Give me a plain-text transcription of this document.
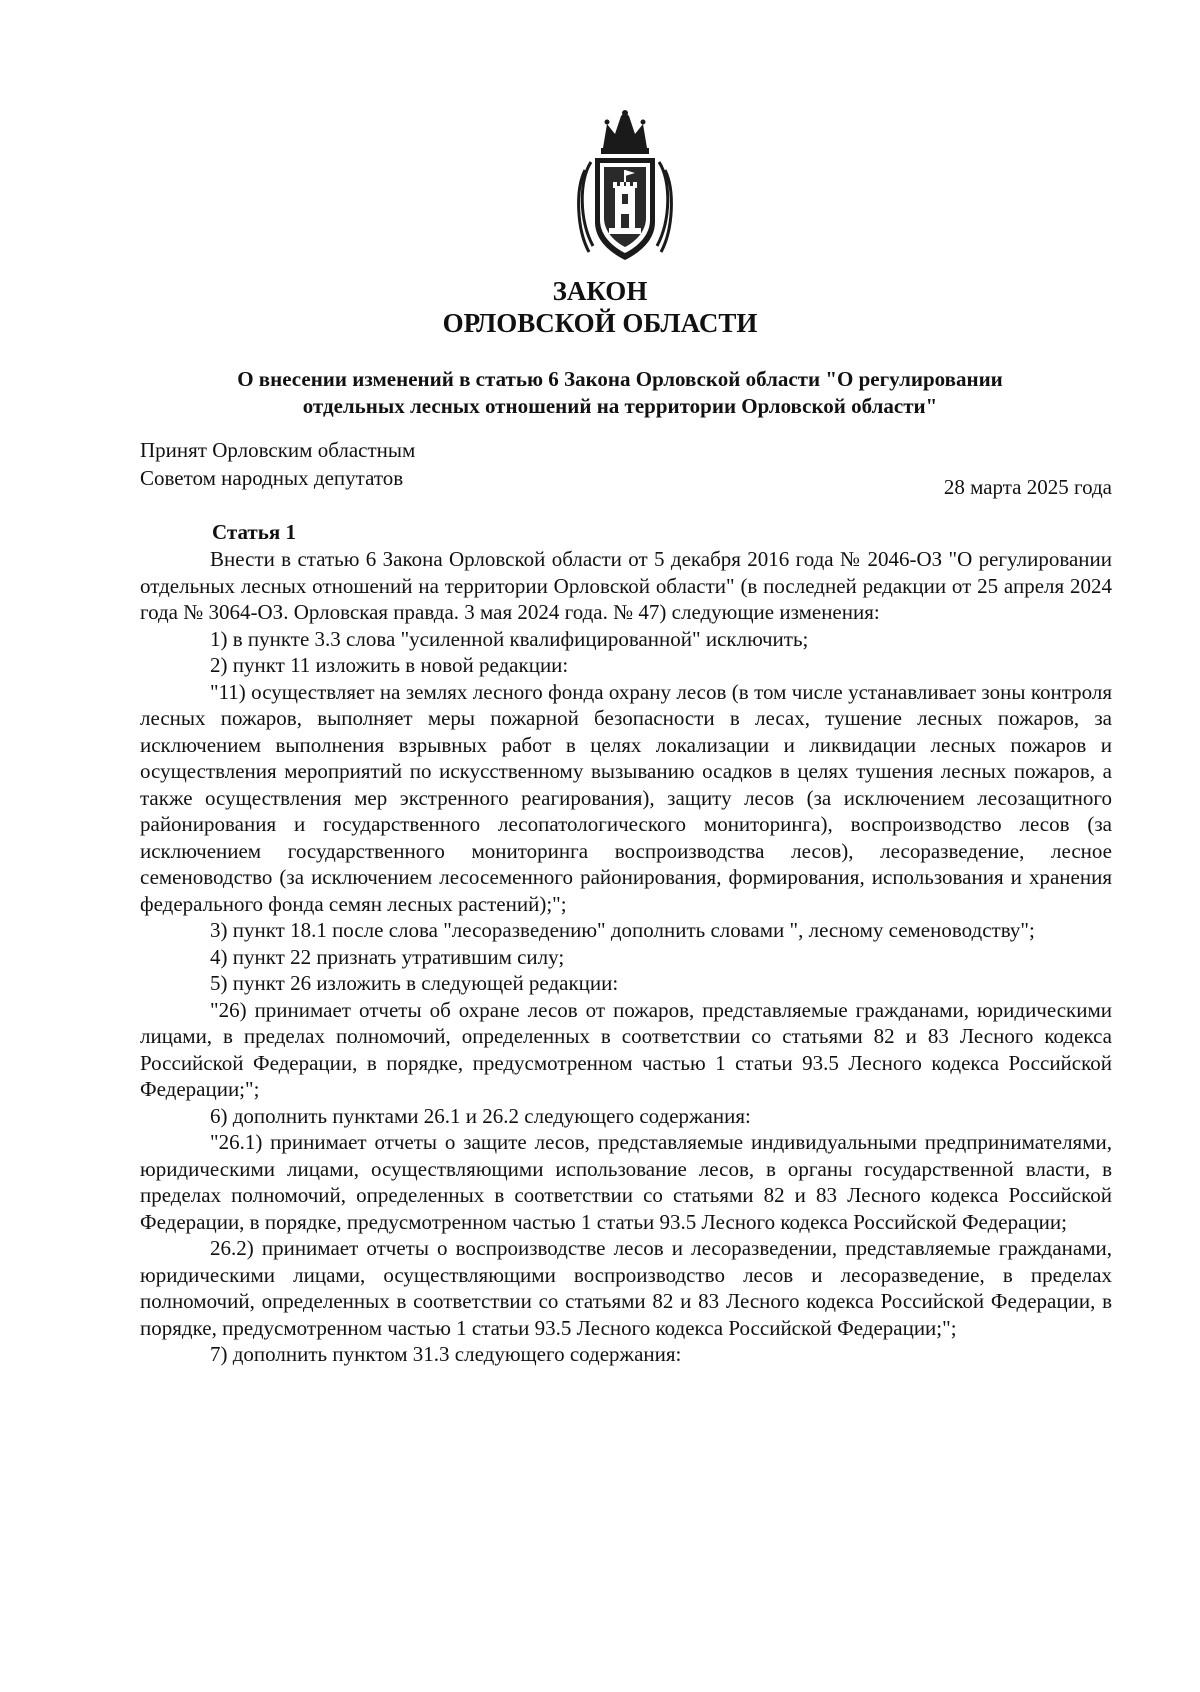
ЗАКОН
ОРЛОВСКОЙ ОБЛАСТИ
О внесении изменений в статью 6 Закона Орловской области "О регулировании
отдельных лесных отношений на территории Орловской области"
Принят Орловским областным
Советом народных депутатов	28 марта 2025 года
Статья 1

Внести в статью 6 Закона Орловской области от 5 декабря 2016 года № 2046-ОЗ "О регулировании отдельных лесных отношений на территории Орловской области" (в последней редакции от 25 апреля 2024 года № 3064-ОЗ. Орловская правда. 3 мая 2024 года. № 47) следующие изменения:

1) в пункте 3.3 слова "усиленной квалифицированной" исключить;

2) пункт 11 изложить в новой редакции:

"11) осуществляет на землях лесного фонда охрану лесов (в том числе устанавливает зоны контроля лесных пожаров, выполняет меры пожарной безопасности в лесах, тушение лесных пожаров, за исключением выполнения взрывных работ в целях локализации и ликвидации лесных пожаров и осуществления мероприятий по искусственному вызыванию осадков в целях тушения лесных пожаров, а также осуществления мер экстренного реагирования), защиту лесов (за исключением лесозащитного районирования и государственного лесопатологического мониторинга), воспроизводство лесов (за исключением государственного мониторинга воспроизводства лесов), лесоразведение, лесное семеноводство (за исключением лесосеменного районирования, формирования, использования и хранения федерального фонда семян лесных растений);";

3) пункт 18.1 после слова "лесоразведению" дополнить словами ", лесному семеноводству";

4) пункт 22 признать утратившим силу;

5) пункт 26 изложить в следующей редакции:

"26) принимает отчеты об охране лесов от пожаров, представляемые гражданами, юридическими лицами, в пределах полномочий, определенных в соответствии со статьями 82 и 83 Лесного кодекса Российской Федерации, в порядке, предусмотренном частью 1 статьи 93.5 Лесного кодекса Российской Федерации;";

6) дополнить пунктами 26.1 и 26.2 следующего содержания:

"26.1) принимает отчеты о защите лесов, представляемые индивидуальными предпринимателями, юридическими лицами, осуществляющими использование лесов, в органы государственной власти, в пределах полномочий, определенных в соответствии со статьями 82 и 83 Лесного кодекса Российской Федерации, в порядке, предусмотренном частью 1 статьи 93.5 Лесного кодекса Российской Федерации;

26.2) принимает отчеты о воспроизводстве лесов и лесоразведении, представляемые гражданами, юридическими лицами, осуществляющими воспроизводство лесов и лесоразведение, в пределах полномочий, определенных в соответствии со статьями 82 и 83 Лесного кодекса Российской Федерации, в порядке, предусмотренном частью 1 статьи 93.5 Лесного кодекса Российской Федерации;";

7) дополнить пунктом 31.3 следующего содержания:
